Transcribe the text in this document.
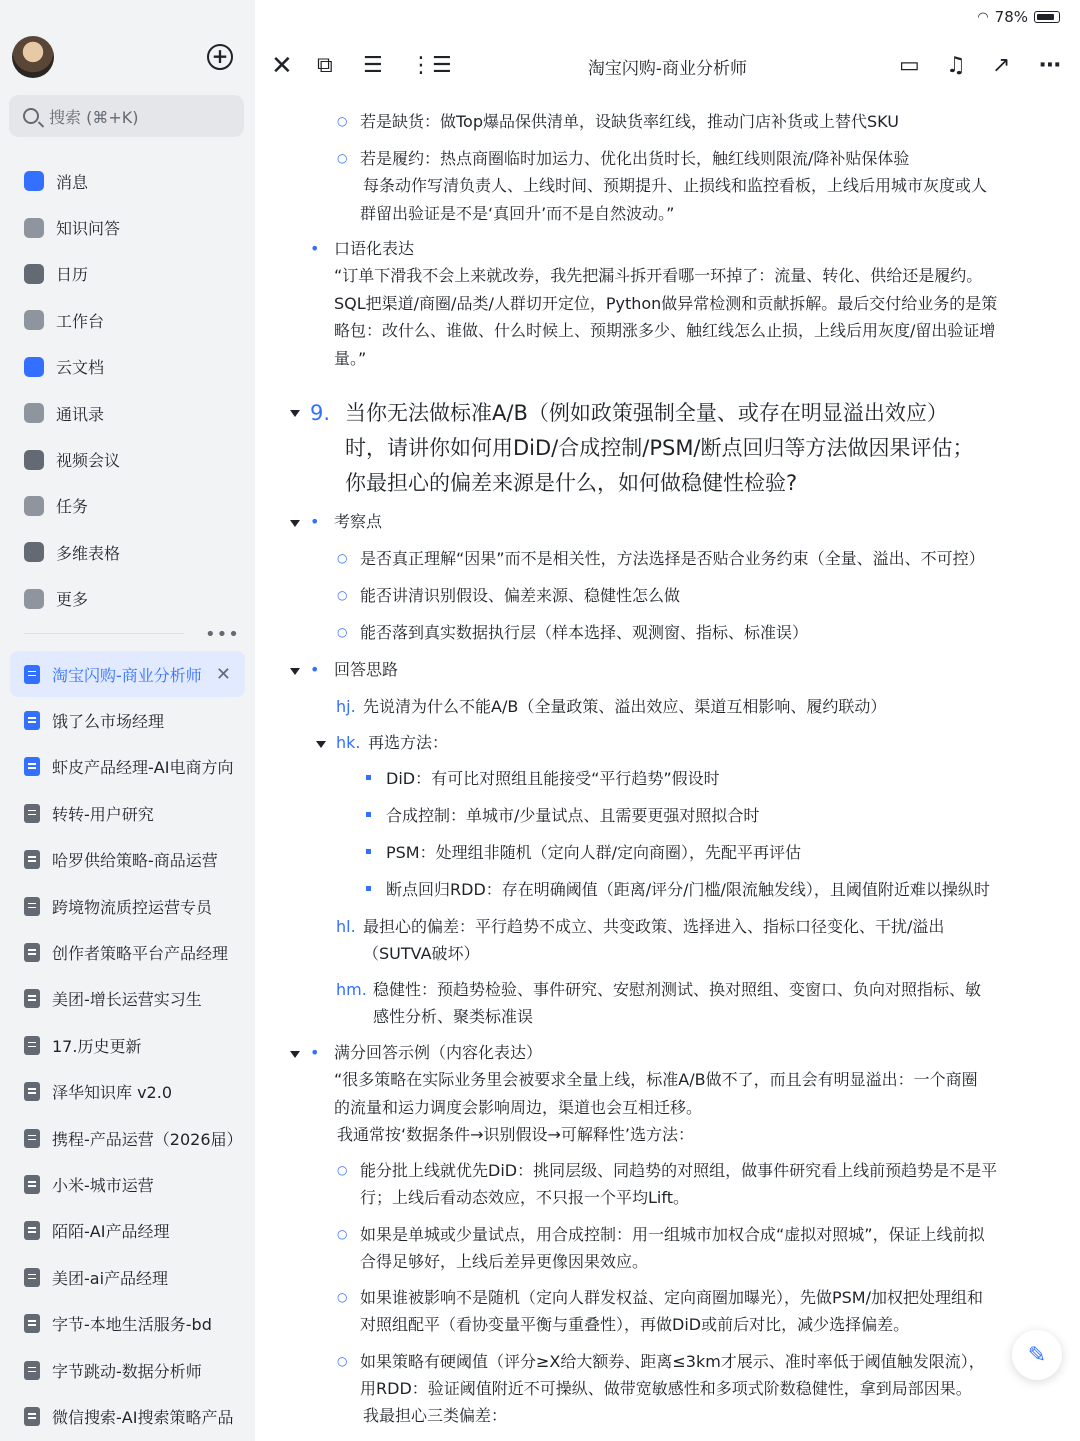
◠ 78%
+
搜索 (⌘+K)
消息
知识问答
日历
工作台
云文档
通讯录
视频会议
任务
多维表格
更多
•••
淘宝闪购-商业分析师 ✕
饿了么市场经理
虾皮产品经理-AI电商方向
转转-用户研究
哈罗供给策略-商品运营
跨境物流质控运营专员
创作者策略平台产品经理
美团-增长运营实习生
17.历史更新
泽华知识库 v2.0
携程-产品运营（2026届）
小米-城市运营
陌陌-AI产品经理
美团-ai产品经理
字节-本地生活服务-bd
字节跳动-数据分析师
微信搜索-AI搜索策略产品
✕ ⧉ ☰ ⋮☰	淘宝闪购-商业分析师	▭ ♫ ↗ ⋯
○ 若是缺货：做Top爆品保供清单，设缺货率红线，推动门店补货或上替代SKU
○ 若是履约：热点商圈临时加运力、优化出货时长，触红线则限流/降补贴保体验
每条动作写清负责人、上线时间、预期提升、止损线和监控看板，上线后用城市灰度或人
群留出验证是不是‘真回升’而不是自然波动。”
• 口语化表达
“订单下滑我不会上来就改券，我先把漏斗拆开看哪一环掉了：流量、转化、供给还是履约。
SQL把渠道/商圈/品类/人群切开定位，Python做异常检测和贡献拆解。最后交付给业务的是策
略包：改什么、谁做、什么时候上、预期涨多少、触红线怎么止损，上线后用灰度/留出验证增
量。”
9. 当你无法做标准A/B（例如政策强制全量、或存在明显溢出效应）
时，请讲你如何用DiD/合成控制/PSM/断点回归等方法做因果评估；
你最担心的偏差来源是什么，如何做稳健性检验?
• 考察点
○ 是否真正理解“因果”而不是相关性，方法选择是否贴合业务约束（全量、溢出、不可控）
○ 能否讲清识别假设、偏差来源、稳健性怎么做
○ 能否落到真实数据执行层（样本选择、观测窗、指标、标准误）
• 回答思路
hj. 先说清为什么不能A/B（全量政策、溢出效应、渠道互相影响、履约联动）
hk. 再选方法：
DiD：有可比对照组且能接受“平行趋势”假设时
合成控制：单城市/少量试点、且需要更强对照拟合时
PSM：处理组非随机（定向人群/定向商圈），先配平再评估
断点回归RDD：存在明确阈值（距离/评分/门槛/限流触发线），且阈值附近难以操纵时
hl. 最担心的偏差：平行趋势不成立、共变政策、选择进入、指标口径变化、干扰/溢出
（SUTVA破坏）
hm. 稳健性：预趋势检验、事件研究、安慰剂测试、换对照组、变窗口、负向对照指标、敏
感性分析、聚类标准误
• 满分回答示例（内容化表达）
“很多策略在实际业务里会被要求全量上线，标准A/B做不了，而且会有明显溢出：一个商圈
的流量和运力调度会影响周边，渠道也会互相迁移。
我通常按‘数据条件→识别假设→可解释性’选方法：
○ 能分批上线就优先DiD：挑同层级、同趋势的对照组，做事件研究看上线前预趋势是不是平
行；上线后看动态效应，不只报一个平均Lift。
○ 如果是单城或少量试点，用合成控制：用一组城市加权合成“虚拟对照城”，保证上线前拟
合得足够好，上线后差异更像因果效应。
○ 如果谁被影响不是随机（定向人群发权益、定向商圈加曝光），先做PSM/加权把处理组和
对照组配平（看协变量平衡与重叠性），再做DiD或前后对比，减少选择偏差。
○ 如果策略有硬阈值（评分≥X给大额券、距离≤3km才展示、准时率低于阈值触发限流），
用RDD：验证阈值附近不可操纵、做带宽敏感性和多项式阶数稳健性，拿到局部因果。
我最担心三类偏差：
✎
